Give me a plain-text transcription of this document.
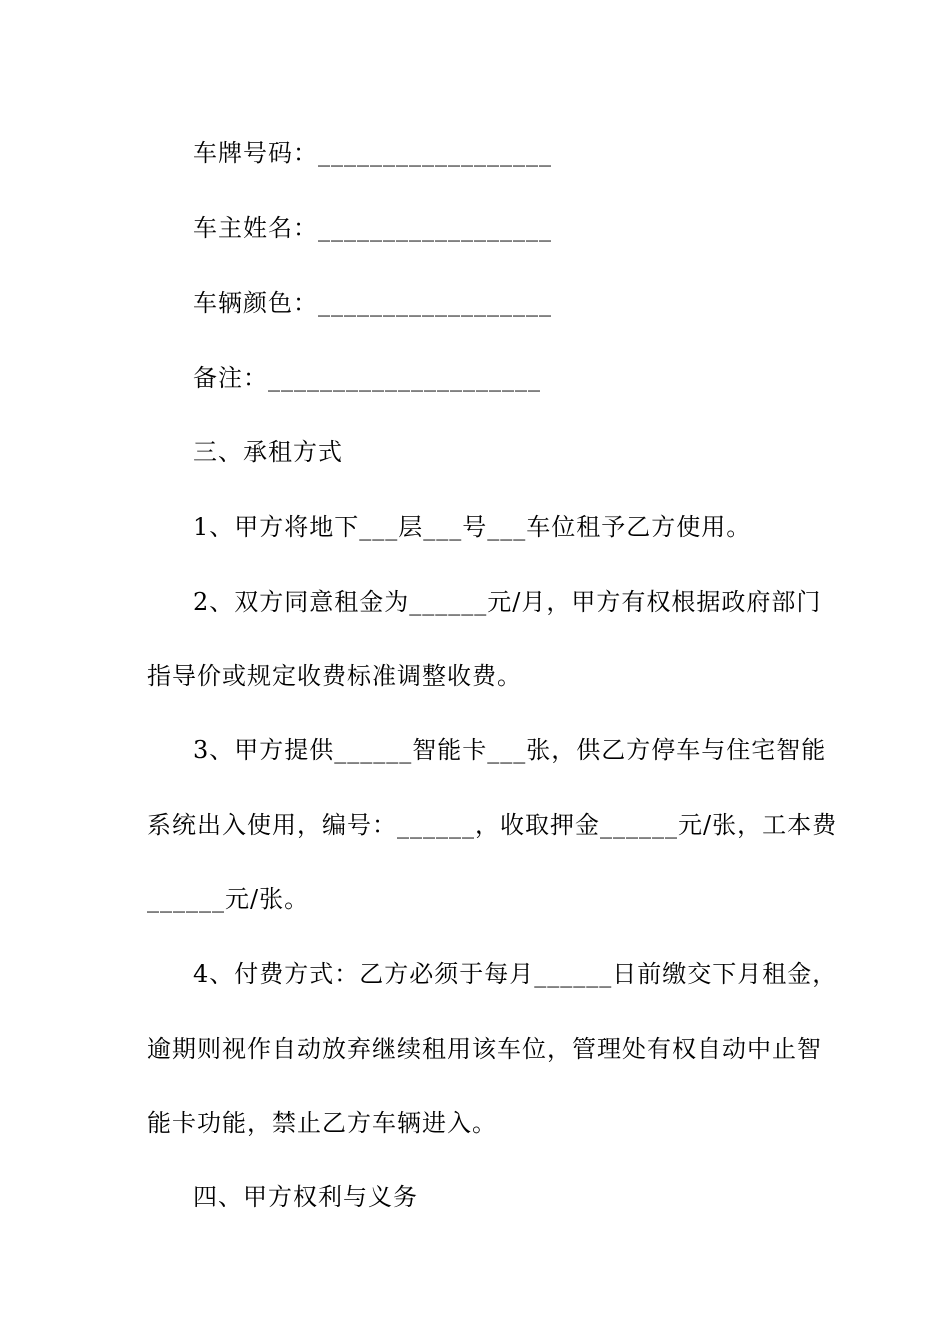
车牌号码：__________________
车主姓名：__________________
车辆颜色：__________________
备注：_____________________
三、承租方式
1、甲方将地下___层___号___车位租予乙方使用。
2、双方同意租金为______元/月，甲方有权根据政府部门
指导价或规定收费标准调整收费。
3、甲方提供______智能卡___张，供乙方停车与住宅智能
系统出入使用，编号：______，收取押金______元/张，工本费
______元/张。
4、付费方式：乙方必须于每月______日前缴交下月租金，
逾期则视作自动放弃继续租用该车位，管理处有权自动中止智
能卡功能，禁止乙方车辆进入。
四、甲方权利与义务
